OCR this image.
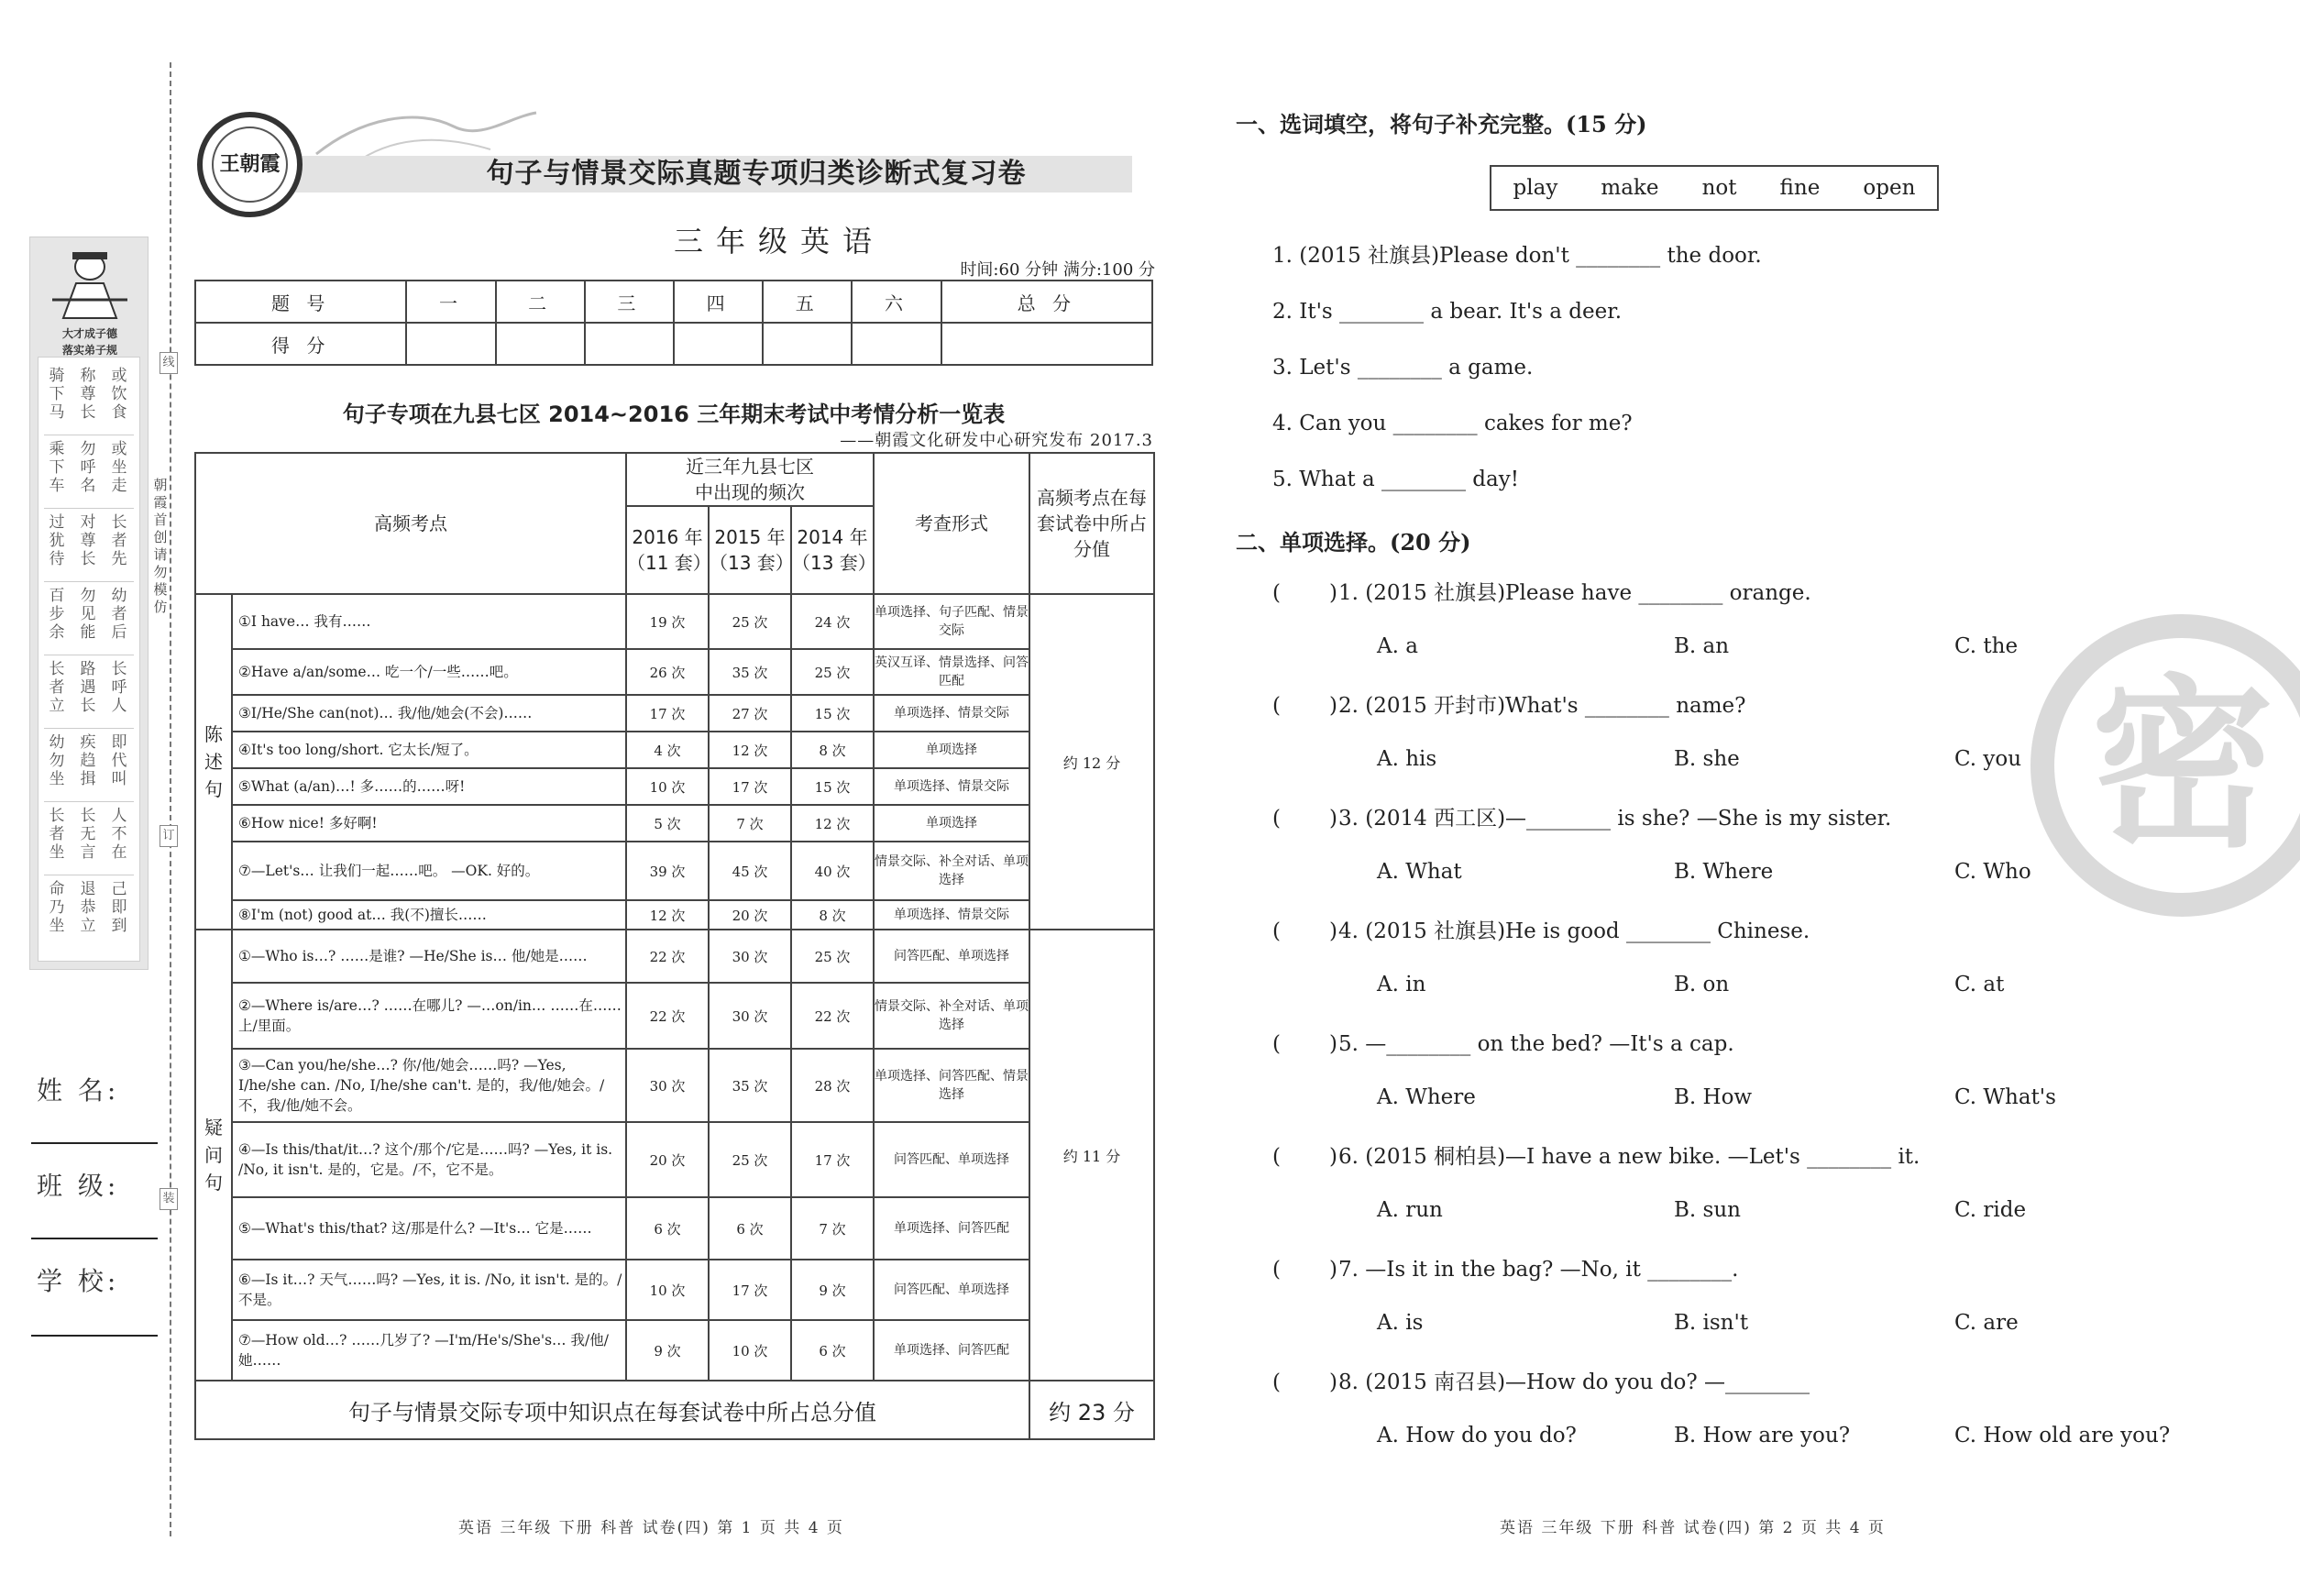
大才成子德
落实弟子规
骑下马
称尊长
或饮食
乘下车
勿呼名
或坐走
过犹待
对尊长
长者先
百步余
勿见能
幼者后
长者立
路遇长
长呼人
幼勿坐
疾趋揖
即代叫
长者坐
长无言
人不在
命乃坐
退恭立
己即到
线
订
装
朝霞首创 请勿模仿
姓 名:
班 级:
学 校:
王朝霞	句子与情景交际真题专项归类诊断式复习卷
三年级英语
时间:60 分钟 满分:100 分
题 号	一	二	三	四	五	六	总 分
得 分							
句子专项在九县七区 2014~2016 三年期末考试中考情分析一览表
——朝霞文化研发中心研究发布 2017.3
高频考点		近三年九县七区中出现的频次			考查形式	高频考点在每套试卷中所占分值
		2016 年（11 套）	2015 年（13 套）	2014 年（13 套）		
陈述句	①I have… 我有……	19 次	25 次	24 次	单项选择、句子匹配、情景交际	约 12 分
	②Have a/an/some… 吃一个/一些……吧。	26 次	35 次	25 次	英汉互译、情景选择、问答匹配	
	③I/He/She can(not)… 我/他/她会(不会)……	17 次	27 次	15 次	单项选择、情景交际	
	④It's too long/short. 它太长/短了。	4 次	12 次	8 次	单项选择	
	⑤What (a/an)…! 多……的……呀!	10 次	17 次	15 次	单项选择、情景交际	
	⑥How nice! 多好啊!	5 次	7 次	12 次	单项选择	
	⑦—Let's… 让我们一起……吧。 —OK. 好的。	39 次	45 次	40 次	情景交际、补全对话、单项选择	
	⑧I'm (not) good at… 我(不)擅长……	12 次	20 次	8 次	单项选择、情景交际	
疑问句	①—Who is…? ……是谁? —He/She is… 他/她是……	22 次	30 次	25 次	问答匹配、单项选择	约 11 分
	②—Where is/are…? ……在哪儿? —…on/in… ……在……上/里面。	22 次	30 次	22 次	情景交际、补全对话、单项选择	
	③—Can you/he/she…? 你/他/她会……吗? —Yes, I/he/she can. /No, I/he/she can't. 是的，我/他/她会。/不，我/他/她不会。	30 次	35 次	28 次	单项选择、问答匹配、情景选择	
	④—Is this/that/it…? 这个/那个/它是……吗? —Yes, it is. /No, it isn't. 是的，它是。/不，它不是。	20 次	25 次	17 次	问答匹配、单项选择	
	⑤—What's this/that? 这/那是什么? —It's… 它是……	6 次	6 次	7 次	单项选择、问答匹配	
	⑥—Is it…? 天气……吗? —Yes, it is. /No, it isn't. 是的。/不是。	10 次	17 次	9 次	问答匹配、单项选择	
	⑦—How old…? ……几岁了? —I'm/He's/She's… 我/他/她……	9 次	10 次	6 次	单项选择、问答匹配	
句子与情景交际专项中知识点在每套试卷中所占总分值						约 23 分
英语 三年级 下册 科普 试卷(四) 第 1 页 共 4 页
一、选词填空，将句子补充完整。(15 分)
play make not fine open
1. (2015 社旗县)Please don't ________ the door.
2. It's ________ a bear. It's a deer.
3. Let's ________ a game.
4. Can you ________ cakes for me?
5. What a ________ day!
二、单项选择。(20 分)
( ) 1. (2015 社旗县)Please have ________ orange.
A. a	B. an	C. the
( ) 2. (2015 开封市)What's ________ name?
A. his	B. she	C. you
( ) 3. (2014 西工区)—________ is she? —She is my sister.
A. What	B. Where	C. Who
( ) 4. (2015 社旗县)He is good ________ Chinese.
A. in	B. on	C. at
( ) 5. —________ on the bed? —It's a cap.
A. Where	B. How	C. What's
( ) 6. (2015 桐柏县)—I have a new bike. —Let's ________ it.
A. run	B. sun	C. ride
( ) 7. —Is it in the bag? —No, it ________.
A. is	B. isn't	C. are
( ) 8. (2015 南召县)—How do you do? —________
A. How do you do?	B. How are you?	C. How old are you?
密
英语 三年级 下册 科普 试卷(四) 第 2 页 共 4 页
